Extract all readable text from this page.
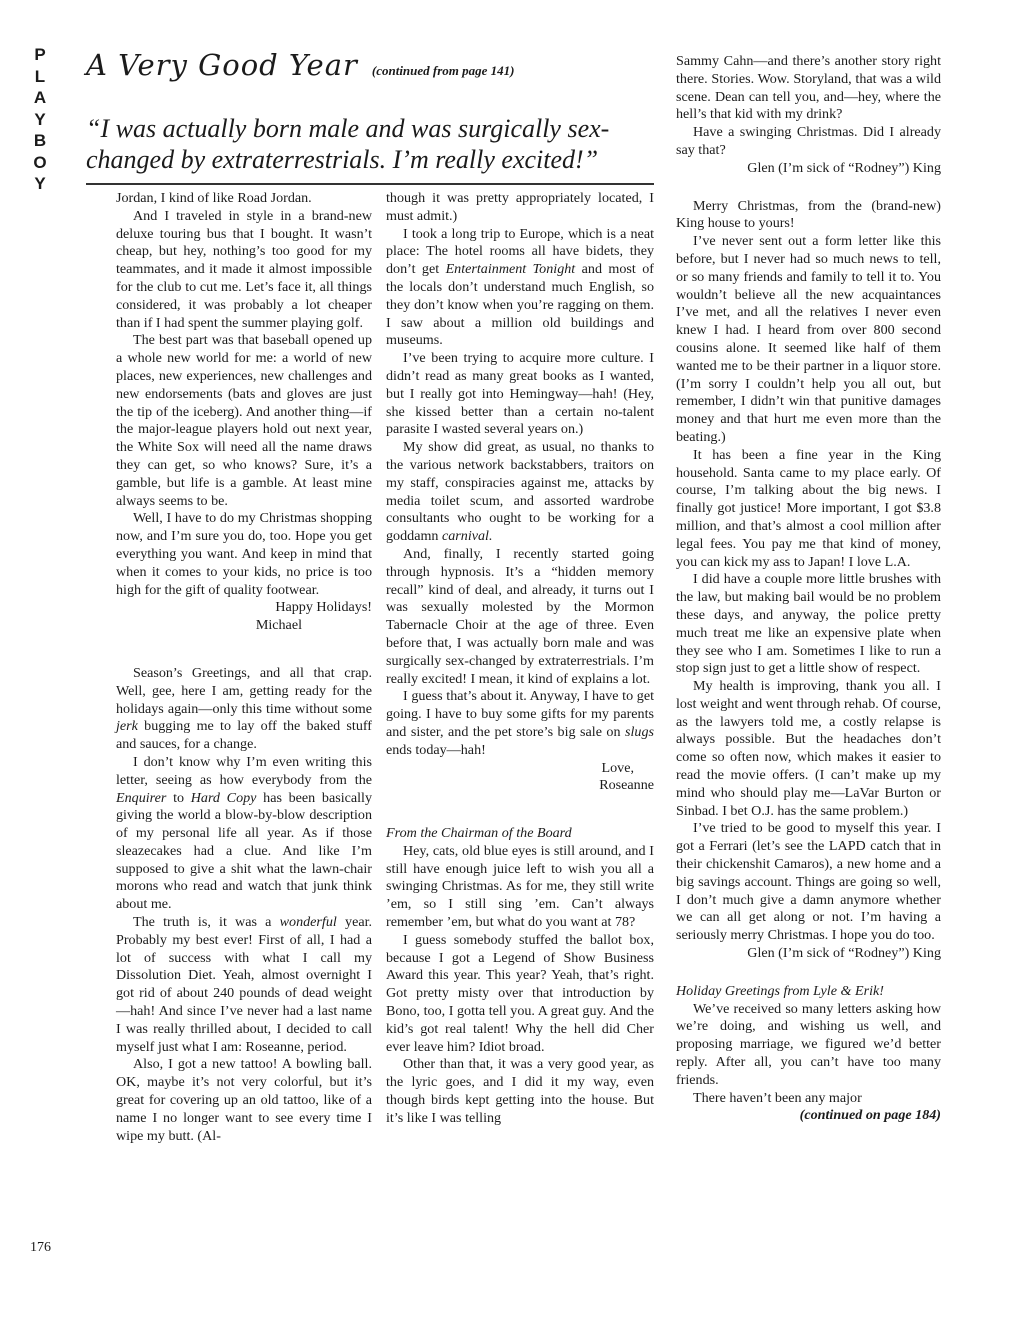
P
L
A
Y
B
O
Y
A Very Good Year (continued from page 141)
“I was actually born male and was surgically sex-changed by extraterrestrials. I’m really excited!”

Jordan, I kind of like Road Jordan.

And I traveled in style in a brand-new deluxe touring bus that I bought. It wasn’t cheap, but hey, nothing’s too good for my teammates, and it made it almost impossible for the club to cut me. Let’s face it, all things considered, it was probably a lot cheaper than if I had spent the summer playing golf.

The best part was that baseball opened up a whole new world for me: a world of new places, new experiences, new challenges and new endorsements (bats and gloves are just the tip of the iceberg). And another thing—if the major-league players hold out next year, the White Sox will need all the name draws they can get, so who knows? Sure, it’s a gamble, but life is a gamble. At least mine always seems to be.

Well, I have to do my Christmas shopping now, and I’m sure you do, too. Hope you get everything you want. And keep in mind that when it comes to your kids, no price is too high for the gift of quality footwear.

Happy Holidays!

Michael

Season’s Greetings, and all that crap. Well, gee, here I am, getting ready for the holidays again—only this time without some jerk bugging me to lay off the baked stuff and sauces, for a change.

I don’t know why I’m even writing this letter, seeing as how everybody from the Enquirer to Hard Copy has been basically giving the world a blow-by-blow description of my personal life all year. As if those sleazecakes had a clue. And like I’m supposed to give a shit what the lawn-chair morons who read and watch that junk think about me.

The truth is, it was a wonderful year. Probably my best ever! First of all, I had a lot of success with what I call my Dissolution Diet. Yeah, almost overnight I got rid of about 240 pounds of dead weight—hah! And since I’ve never had a last name I was really thrilled about, I decided to call myself just what I am: Roseanne, period.

Also, I got a new tattoo! A bowling ball. OK, maybe it’s not very colorful, but it’s great for covering up an old tattoo, like of a name I no longer want to see every time I wipe my butt. (Al-

though it was pretty appropriately located, I must admit.)

I took a long trip to Europe, which is a neat place: The hotel rooms all have bidets, they don’t get Entertainment Tonight and most of the locals don’t understand much English, so they don’t know when you’re ragging on them. I saw about a million old buildings and museums.

I’ve been trying to acquire more culture. I didn’t read as many great books as I wanted, but I really got into Hemingway—hah! (Hey, she kissed better than a certain no-talent parasite I wasted several years on.)

My show did great, as usual, no thanks to the various network backstabbers, traitors on my staff, conspiracies against me, attacks by media toilet scum, and assorted wardrobe consultants who ought to be working for a goddamn carnival.

And, finally, I recently started going through hypnosis. It’s a “hidden memory recall” kind of deal, and already, it turns out I was sexually molested by the Mormon Tabernacle Choir at the age of three. Even before that, I was actually born male and was surgically sex-changed by extraterrestrials. I’m really excited! I mean, it kind of explains a lot.

I guess that’s about it. Anyway, I have to get going. I have to buy some gifts for my parents and sister, and the pet store’s big sale on slugs ends today—hah!

Love,

Roseanne

From the Chairman of the Board

Hey, cats, old blue eyes is still around, and I still have enough juice left to wish you all a swinging Christmas. As for me, they still write ’em, so I still sing ’em. Can’t always remember ’em, but what do you want at 78?

I guess somebody stuffed the ballot box, because I got a Legend of Show Business Award this year. This year? Yeah, that’s right. Got pretty misty over that introduction by Bono, too, I gotta tell you. A great guy. And the kid’s got real talent! Why the hell did Cher ever leave him? Idiot broad.

Other than that, it was a very good year, as the lyric goes, and I did it my way, even though birds kept getting into the house. But it’s like I was telling

Sammy Cahn—and there’s another story right there. Stories. Wow. Storyland, that was a wild scene. Dean can tell you, and—hey, where the hell’s that kid with my drink?

Have a swinging Christmas. Did I already say that?

Glen (I’m sick of “Rodney”) King

Merry Christmas, from the (brand-new) King house to yours!

I’ve never sent out a form letter like this before, but I never had so much news to tell, or so many friends and family to tell it to. You wouldn’t believe all the new acquaintances I’ve met, and all the relatives I never even knew I had. I heard from over 800 second cousins alone. It seemed like half of them wanted me to be their partner in a liquor store. (I’m sorry I couldn’t help you all out, but remember, I didn’t win that punitive damages money and that hurt me even more than the beating.)

It has been a fine year in the King household. Santa came to my place early. Of course, I’m talking about the big news. I finally got justice! More important, I got $3.8 million, and that’s almost a cool million after legal fees. You pay me that kind of money, you can kick my ass to Japan! I love L.A.

I did have a couple more little brushes with the law, but making bail would be no problem these days, and anyway, the police pretty much treat me like an expensive plate when they see who I am. Sometimes I like to run a stop sign just to get a little show of respect.

My health is improving, thank you all. I lost weight and went through rehab. Of course, as the lawyers told me, a costly relapse is always possible. But the headaches don’t come so often now, which makes it easier to read the movie offers. (I can’t make up my mind who should play me—LaVar Burton or Sinbad. I bet O.J. has the same problem.)

I’ve tried to be good to myself this year. I got a Ferrari (let’s see the LAPD catch that in their chickenshit Camaros), a new home and a big savings account. Things are going so well, I don’t much give a damn anymore whether we can all get along or not. I’m having a seriously merry Christmas. I hope you do too.

Glen (I’m sick of “Rodney”) King

Holiday Greetings from Lyle & Erik!

We’ve received so many letters asking how we’re doing, and wishing us well, and proposing marriage, we figured we’d better reply. After all, you can’t have too many friends.

There haven’t been any major

(continued on page 184)

176
